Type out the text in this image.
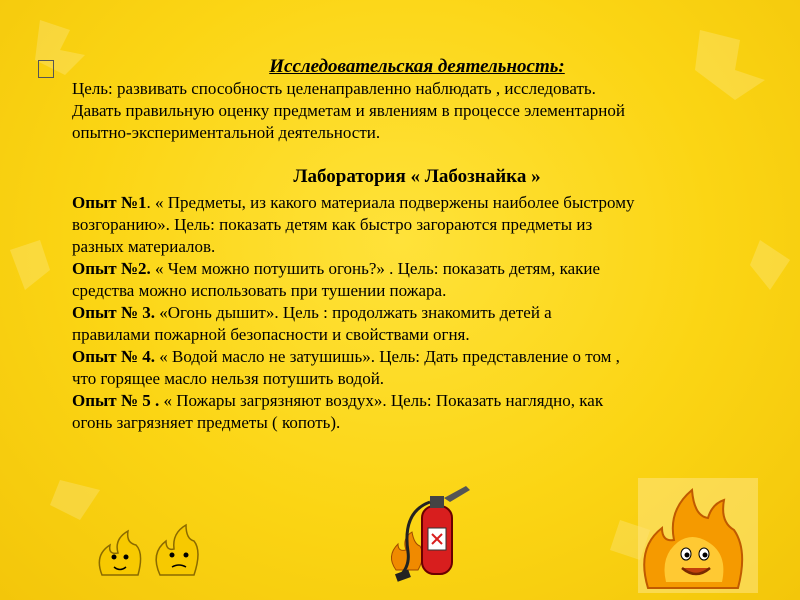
Исследовательская деятельность:

Цель: развивать способность целенаправленно наблюдать , исследовать.

Давать правильную оценку предметам и явлениям в процессе элементарной

опытно-экспериментальной деятельности.

Лаборатория « Лабознайка »

Опыт №1. « Предметы, из какого материала подвержены наиболее быстрому

возгоранию». Цель: показать детям как быстро загораются предметы из

разных материалов.

Опыт №2. « Чем можно потушить огонь?» . Цель: показать детям, какие

средства можно использовать при тушении пожара.

Опыт № 3. «Огонь дышит». Цель : продолжать знакомить детей а

правилами пожарной безопасности и свойствами огня.

Опыт № 4. « Водой масло не затушишь». Цель: Дать представление о том ,

что горящее масло нельзя потушить водой.

Опыт № 5 . « Пожары загрязняют воздух». Цель: Показать наглядно, как

огонь загрязняет предметы ( копоть).
